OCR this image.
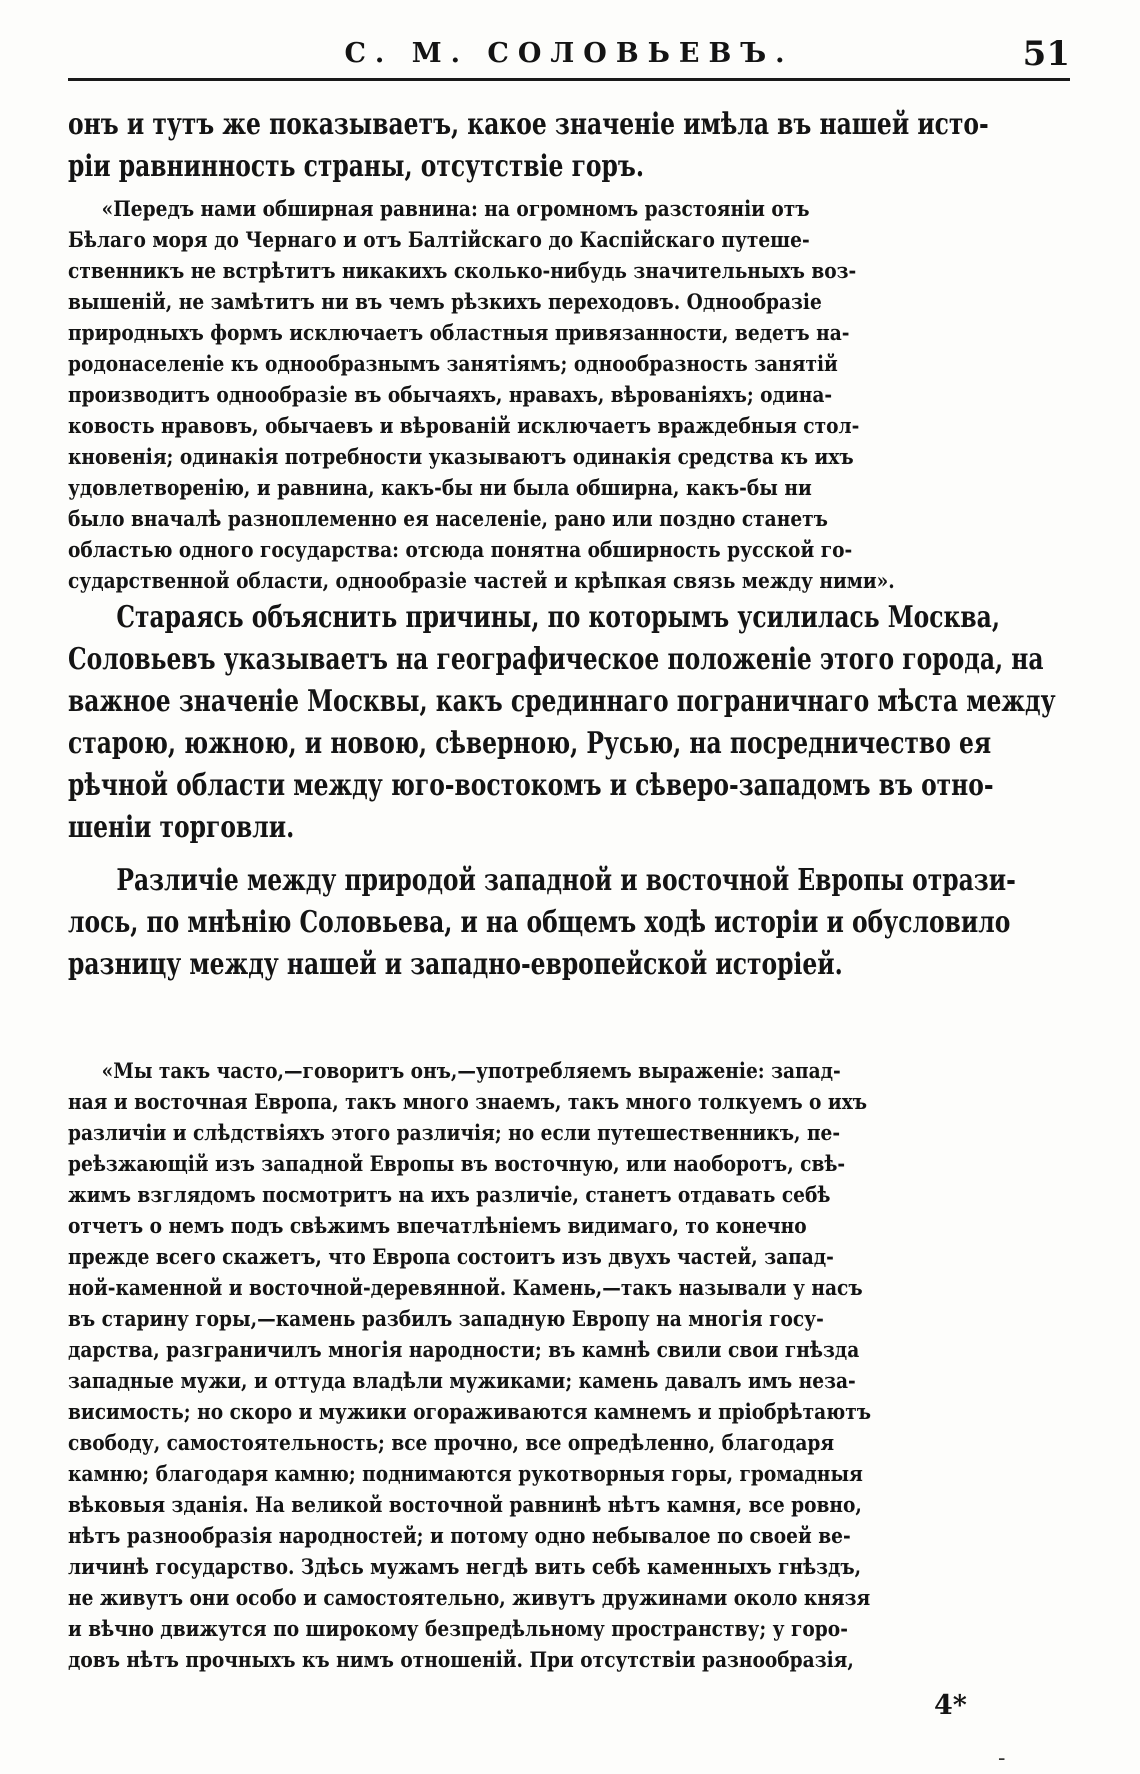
С. М. СОЛОВЬЕВЪ.	51
онъ и тутъ же показываетъ, какое значеніе имѣла въ нашей исто-
ріи равнинность страны, отсутствіе горъ.
«Передъ нами обширная равнина: на огромномъ разстояніи отъ
Бѣлаго моря до Чернаго и отъ Балтійскаго до Каспійскаго путеше-
ственникъ не встрѣтитъ никакихъ сколько-нибудь значительныхъ воз-
вышеній, не замѣтитъ ни въ чемъ рѣзкихъ переходовъ. Однообразіе
природныхъ формъ исключаетъ областныя привязанности, ведетъ на-
родонаселеніе къ однообразнымъ занятіямъ; однообразность занятій
производитъ однообразіе въ обычаяхъ, нравахъ, вѣрованіяхъ; одина-
ковость нравовъ, обычаевъ и вѣрованій исключаетъ враждебныя стол-
кновенія; одинакія потребности указываютъ одинакія средства къ ихъ
удовлетворенію, и равнина, какъ-бы ни была обширна, какъ-бы ни
было вначалѣ разноплеменно ея населеніе, рано или поздно станетъ
областью одного государства: отсюда понятна обширность русской го-
сударственной области, однообразіе частей и крѣпкая связь между ними».
Стараясь объяснить причины, по которымъ усилилась Москва,
Соловьевъ указываетъ на географическое положеніе этого города, на
важное значеніе Москвы, какъ срединнаго пограничнаго мѣста между
старою, южною, и новою, сѣверною, Русью, на посредничество ея
рѣчной области между юго-востокомъ и сѣверо-западомъ въ отно-
шеніи торговли.
Различіе между природой западной и восточной Европы отрази-
лось, по мнѣнію Соловьева, и на общемъ ходѣ исторіи и обусловило
разницу между нашей и западно-европейской исторіей.
«Мы такъ часто,—говоритъ онъ,—употребляемъ выраженіе: запад-
ная и восточная Европа, такъ много знаемъ, такъ много толкуемъ о ихъ
различіи и слѣдствіяхъ этого различія; но если путешественникъ, пе-
реѣзжающій изъ западной Европы въ восточную, или наоборотъ, свѣ-
жимъ взглядомъ посмотритъ на ихъ различіе, станетъ отдавать себѣ
отчетъ о немъ подъ свѣжимъ впечатлѣніемъ видимаго, то конечно
прежде всего скажетъ, что Европа состоитъ изъ двухъ частей, запад-
ной-каменной и восточной-деревянной. Камень,—такъ называли у насъ
въ старину горы,—камень разбилъ западную Европу на многія госу-
дарства, разграничилъ многія народности; въ камнѣ свили свои гнѣзда
западные мужи, и оттуда владѣли мужиками; камень давалъ имъ неза-
висимость; но скоро и мужики огораживаются камнемъ и пріобрѣтаютъ
свободу, самостоятельность; все прочно, все опредѣленно, благодаря
камню; благодаря камню; поднимаются рукотворныя горы, громадныя
вѣковыя зданія. На великой восточной равнинѣ нѣтъ камня, все ровно,
нѣтъ разнообразія народностей; и потому одно небывалое по своей ве-
личинѣ государство. Здѣсь мужамъ негдѣ вить себѣ каменныхъ гнѣздъ,
не живутъ они особо и самостоятельно, живутъ дружинами около князя
и вѣчно движутся по широкому безпредѣльному пространству; у горо-
довъ нѣтъ прочныхъ къ нимъ отношеній. При отсутствіи разнообразія,
4*
-
